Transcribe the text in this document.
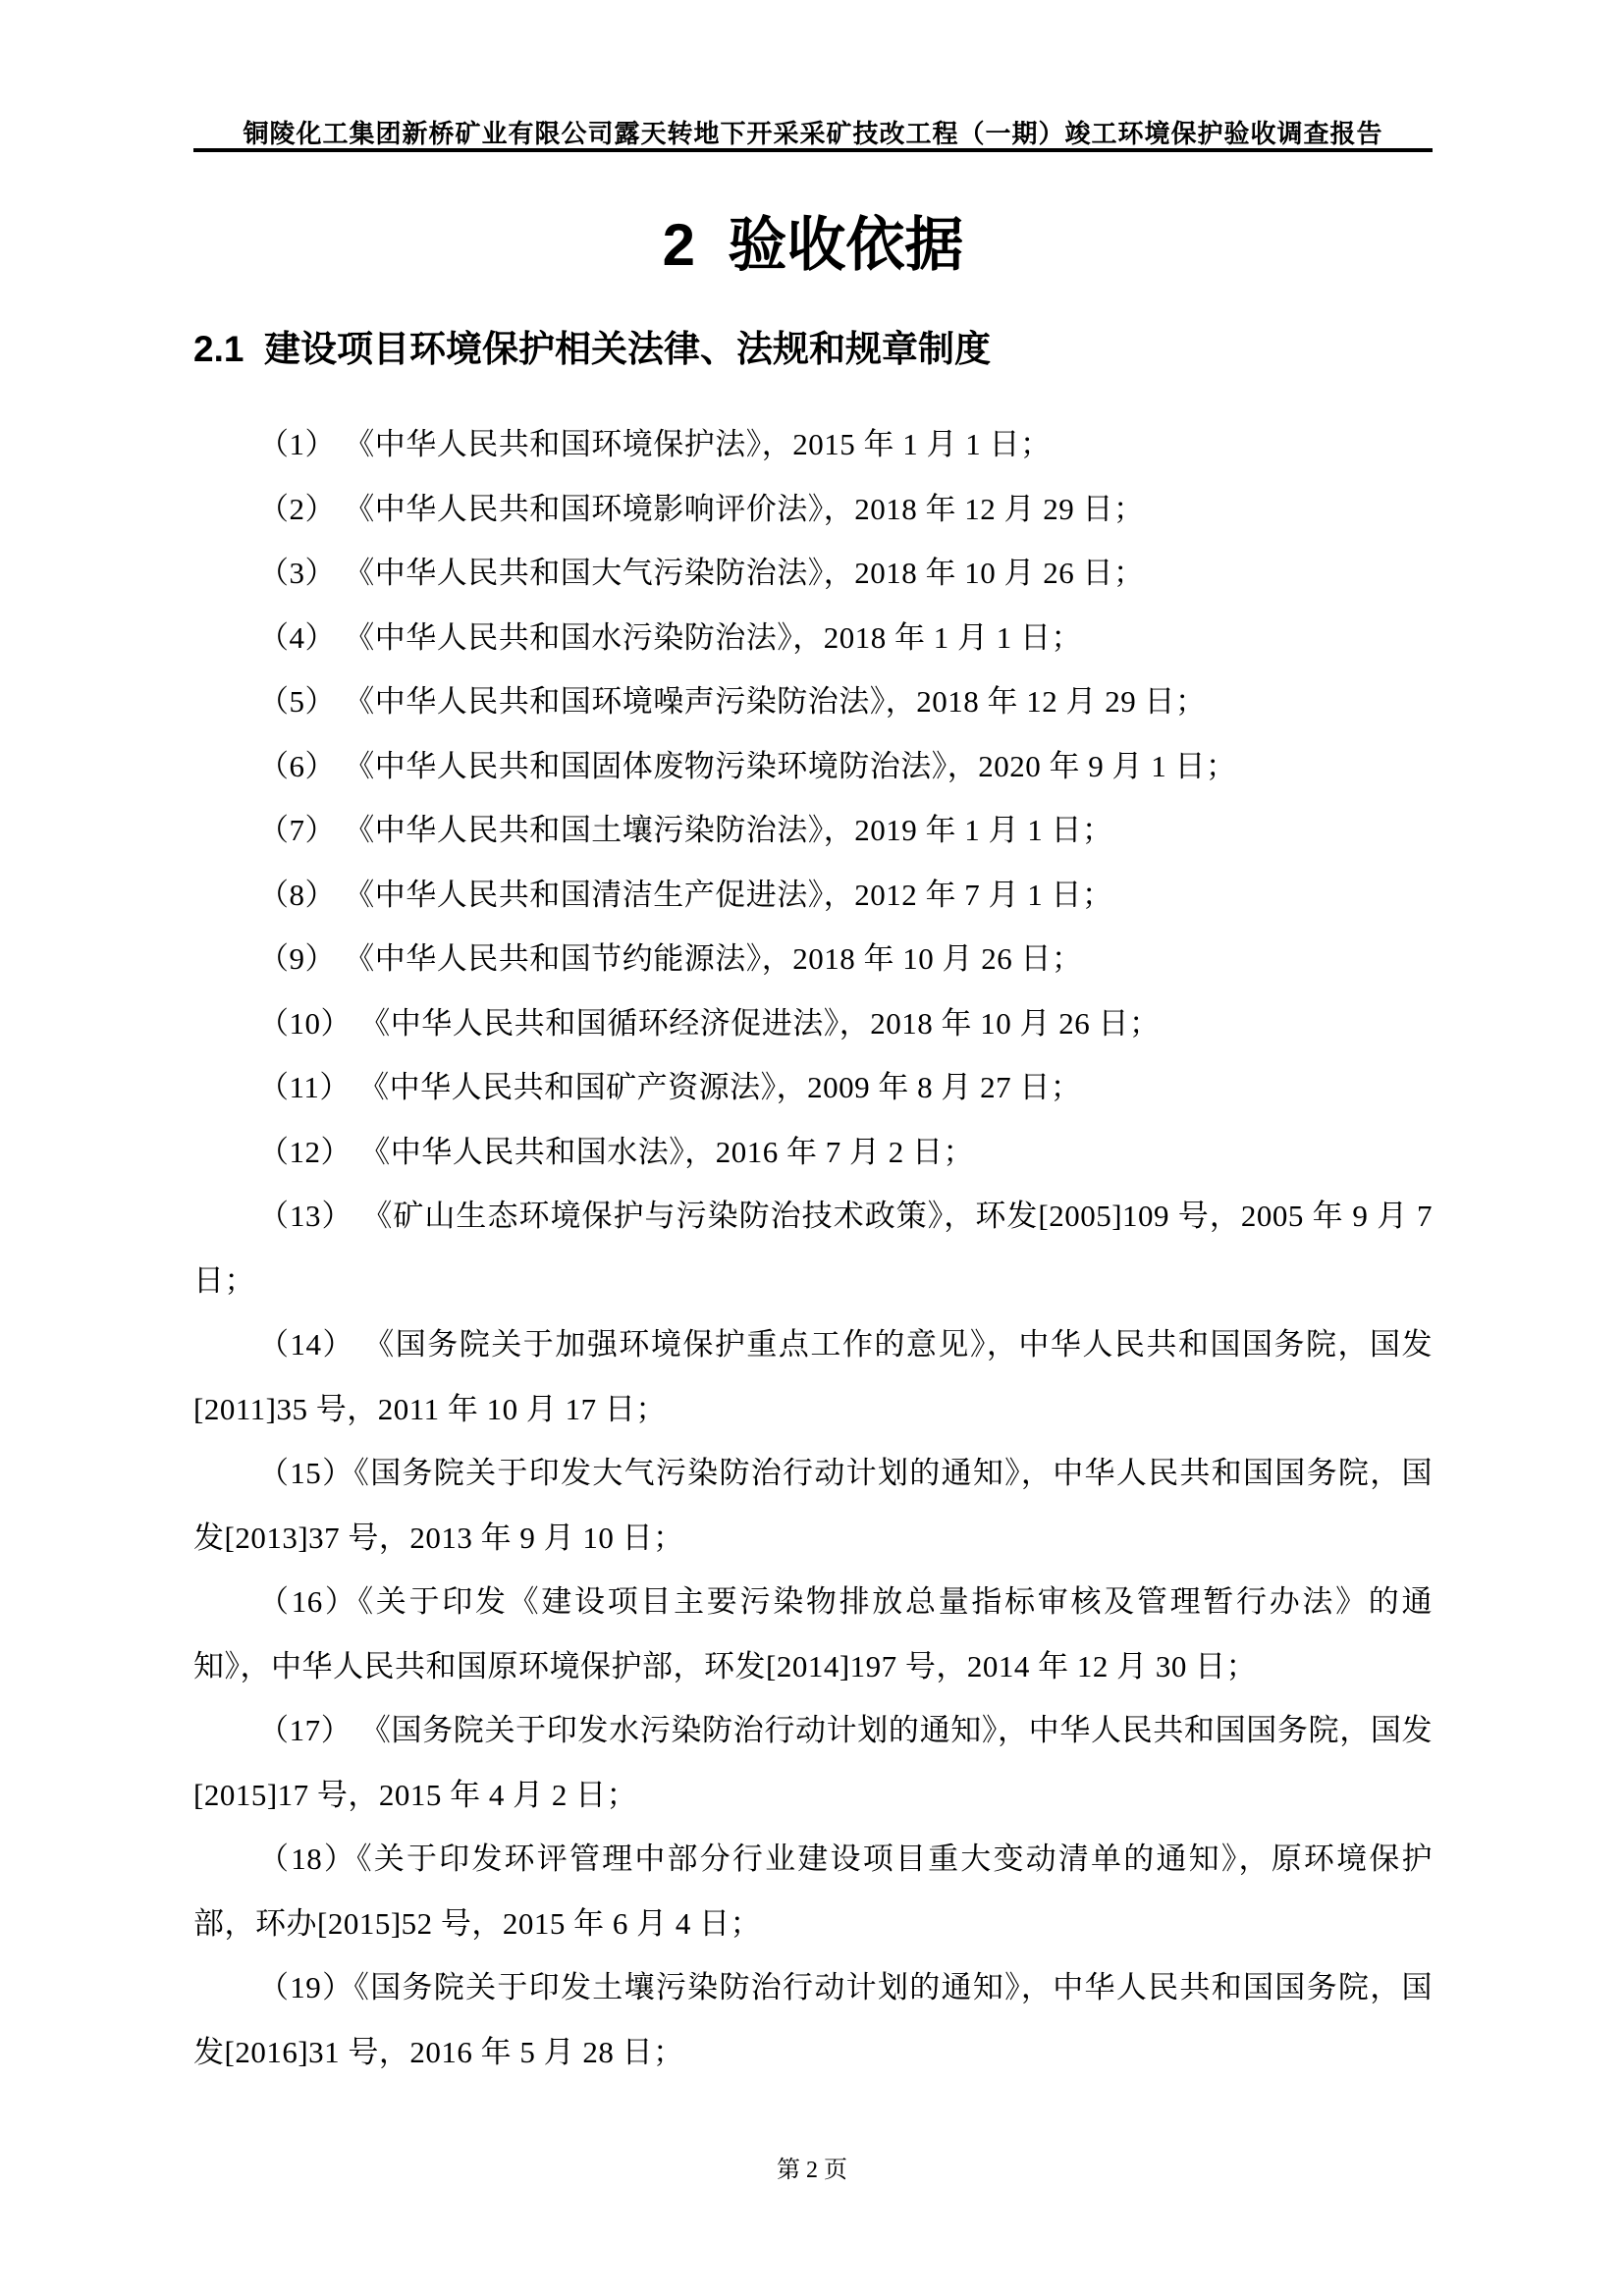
铜陵化工集团新桥矿业有限公司露天转地下开采采矿技改工程（一期）竣工环境保护验收调查报告
2  验收依据
2.1  建设项目环境保护相关法律、法规和规章制度

（1） 《中华人民共和国环境保护法》，2015 年 1 月 1 日；

（2） 《中华人民共和国环境影响评价法》，2018 年 12 月 29 日；

（3） 《中华人民共和国大气污染防治法》，2018 年 10 月 26 日；

（4） 《中华人民共和国水污染防治法》，2018 年 1 月 1 日；

（5） 《中华人民共和国环境噪声污染防治法》，2018 年 12 月 29 日；

（6） 《中华人民共和国固体废物污染环境防治法》，2020 年 9 月 1 日；

（7） 《中华人民共和国土壤污染防治法》，2019 年 1 月 1 日；

（8） 《中华人民共和国清洁生产促进法》，2012 年 7 月 1 日；

（9） 《中华人民共和国节约能源法》，2018 年 10 月 26 日；

（10） 《中华人民共和国循环经济促进法》，2018 年 10 月 26 日；

（11） 《中华人民共和国矿产资源法》，2009 年 8 月 27 日；

（12） 《中华人民共和国水法》，2016 年 7 月 2 日；

（13） 《矿山生态环境保护与污染防治技术政策》，环发[2005]109 号，2005 年 9 月 7 日；

（14） 《国务院关于加强环境保护重点工作的意见》，中华人民共和国国务院，国发[2011]35 号，2011 年 10 月 17 日；

（15）《国务院关于印发大气污染防治行动计划的通知》，中华人民共和国国务院，国发[2013]37 号，2013 年 9 月 10 日；

（16）《关于印发《建设项目主要污染物排放总量指标审核及管理暂行办法》的通知》，中华人民共和国原环境保护部，环发[2014]197 号，2014 年 12 月 30 日；

（17） 《国务院关于印发水污染防治行动计划的通知》，中华人民共和国国务院，国发[2015]17 号，2015 年 4 月 2 日；

（18）《关于印发环评管理中部分行业建设项目重大变动清单的通知》，原环境保护部，环办[2015]52 号，2015 年 6 月 4 日；

（19）《国务院关于印发土壤污染防治行动计划的通知》，中华人民共和国国务院，国发[2016]31 号，2016 年 5 月 28 日；

第 2 页
